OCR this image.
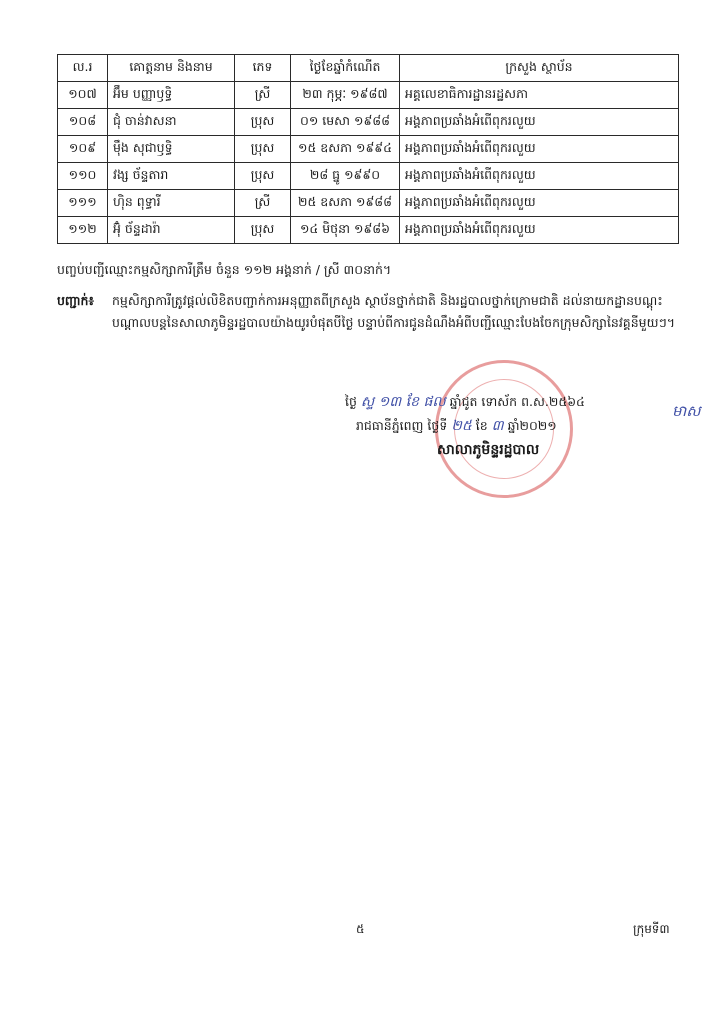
ល.រ	គោត្តនាម និងនាម	ភេទ	ថ្ងៃខែឆ្នាំកំណើត	ក្រសួង ស្ថាប័ន
១០៧	អ៊ឹម បញ្ញាឫទ្ធិ	ស្រី	២៣ កុម្ភៈ ១៩៨៧	អគ្គលេខាធិការដ្ឋានរដ្ឋសភា
១០៨	ជុំ ចាន់វាសនា	ប្រុស	០១ មេសា ១៩៨៨	អង្គភាពប្រឆាំងអំពើពុករលួយ
១០៩	ម៉ឹង សុជាឫទ្ធិ	ប្រុស	១៥ ឧសភា ១៩៩៤	អង្គភាពប្រឆាំងអំពើពុករលួយ
១១០	វង្ស ច័ន្ទតារា	ប្រុស	២៨ ធ្នូ ១៩៩០	អង្គភាពប្រឆាំងអំពើពុករលួយ
១១១	ហ៊ិន ពុទ្ធារី	ស្រី	២៥ ឧសភា ១៩៨៨	អង្គភាពប្រឆាំងអំពើពុករលួយ
១១២	អ៊ុំ ច័ន្ទដារ៉ា	ប្រុស	១៤ មិថុនា ១៩៨៦	អង្គភាពប្រឆាំងអំពើពុករលួយ
បញ្ចប់បញ្ជីឈ្មោះកម្មសិក្សាការីត្រឹម ចំនួន ១១២ អង្គនាក់ / ស្រី ៣០នាក់។
បញ្ជាក់៖ កម្មសិក្សាការីត្រូវផ្តល់លិខិតបញ្ជាក់ការអនុញ្ញាតពីក្រសួង ស្ថាប័នថ្នាក់ជាតិ និងរដ្ឋបាលថ្នាក់ក្រោមជាតិ ដល់នាយកដ្ឋានបណ្តុះបណ្តាលបន្តនៃសាលាភូមិន្ទរដ្ឋបាលយ៉ាងយូរបំផុតបីថ្ងៃ បន្ទាប់ពីការជូនដំណឹងអំពីបញ្ជីឈ្មោះបែងចែកក្រុមសិក្សានៃវគ្គនីមួយៗ។
ថ្ងៃ ស្ទ ១៣ ខែ ផល ឆ្នាំជូត ទោស័ក ព.ស.២៥៦៤
រាជធានីភ្នំពេញ ថ្ងៃទី ២៥ ខែ ៣ ឆ្នាំ២០២១
មាស
សាលាភូមិន្ទរដ្ឋបាល
៥	ក្រុមទី៣
